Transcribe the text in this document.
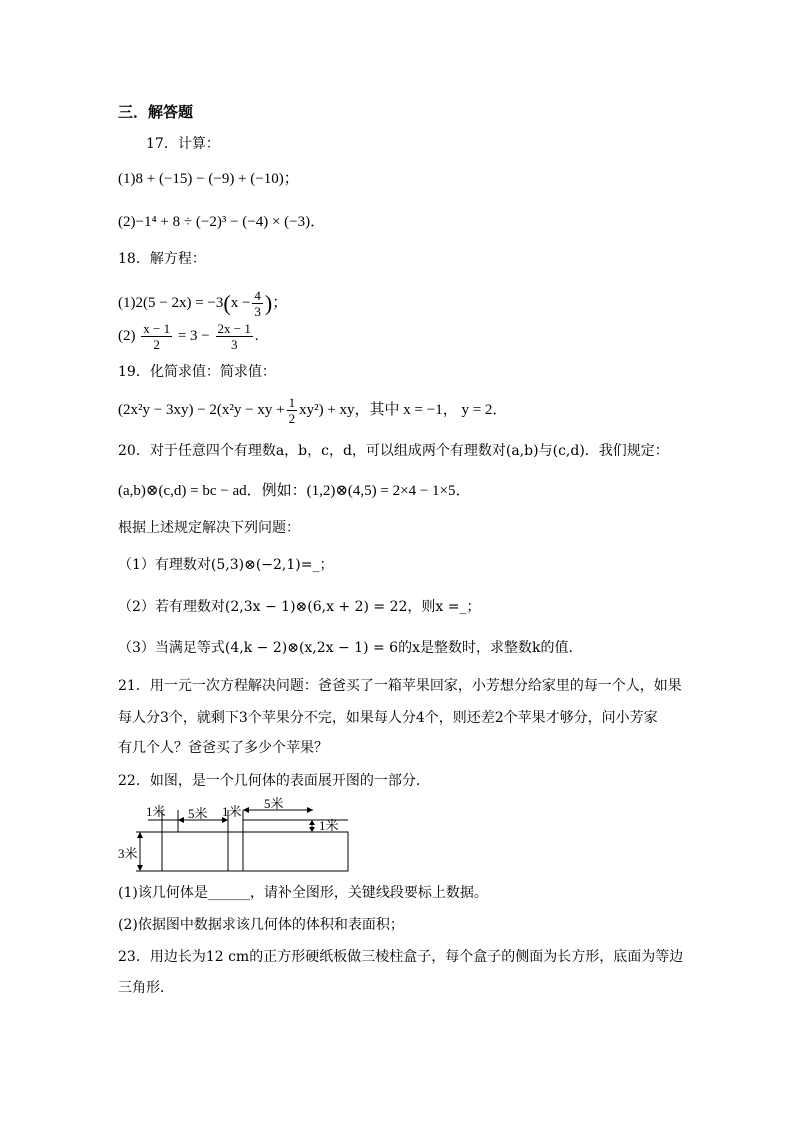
三．解答题
17．计算：
(1)8 + (−15) − (−9) + (−10)；
(2)−1⁴ + 8 ÷ (−2)³ − (−4) × (−3)．
18．解方程：
$(1)2(5 - 2x) = -3(x - \frac{4}{3}$ )；
$(2) \frac{x - 1}{2} = 3 - \frac{2x - 1}{3}$ .
19．化简求值：简求值：
(2x²y − 3xy) − 2(x²y − xy + $\frac{1}{2} xy^2$) + xy，其中 x = −1， y = 2．
20．对于任意四个有理数a，b，c，d，可以组成两个有理数对(a,b)与(c,d)．我们规定：
(a,b)⊗(c,d) = bc − ad．例如：(1,2)⊗(4,5) = 2×4 − 1×5．
根据上述规定解决下列问题：
（1）有理数对(5,3)⊗(−2,1)=_；
（2）若有理数对(2,3x − 1)⊗(6,x + 2) = 22，则x =_；
（3）当满足等式(4,k − 2)⊗(x,2x − 1) = 6的x是整数时，求整数k的值．
21．用一元一次方程解决问题：爸爸买了一箱苹果回家，小芳想分给家里的每一个人，如果
每人分3个，就剩下3个苹果分不完，如果每人分4个，则还差2个苹果才够分，问小芳家
有几个人？爸爸买了多少个苹果？
22．如图，是一个几何体的表面展开图的一部分．
1米 5米 1米
5米
3米
1米
(1)该几何体是______，请补全图形，关键线段要标上数据。
(2)依据图中数据求该几何体的体积和表面积；
23．用边长为12 cm的正方形硬纸板做三棱柱盒子，每个盒子的侧面为长方形，底面为等边
三角形．
